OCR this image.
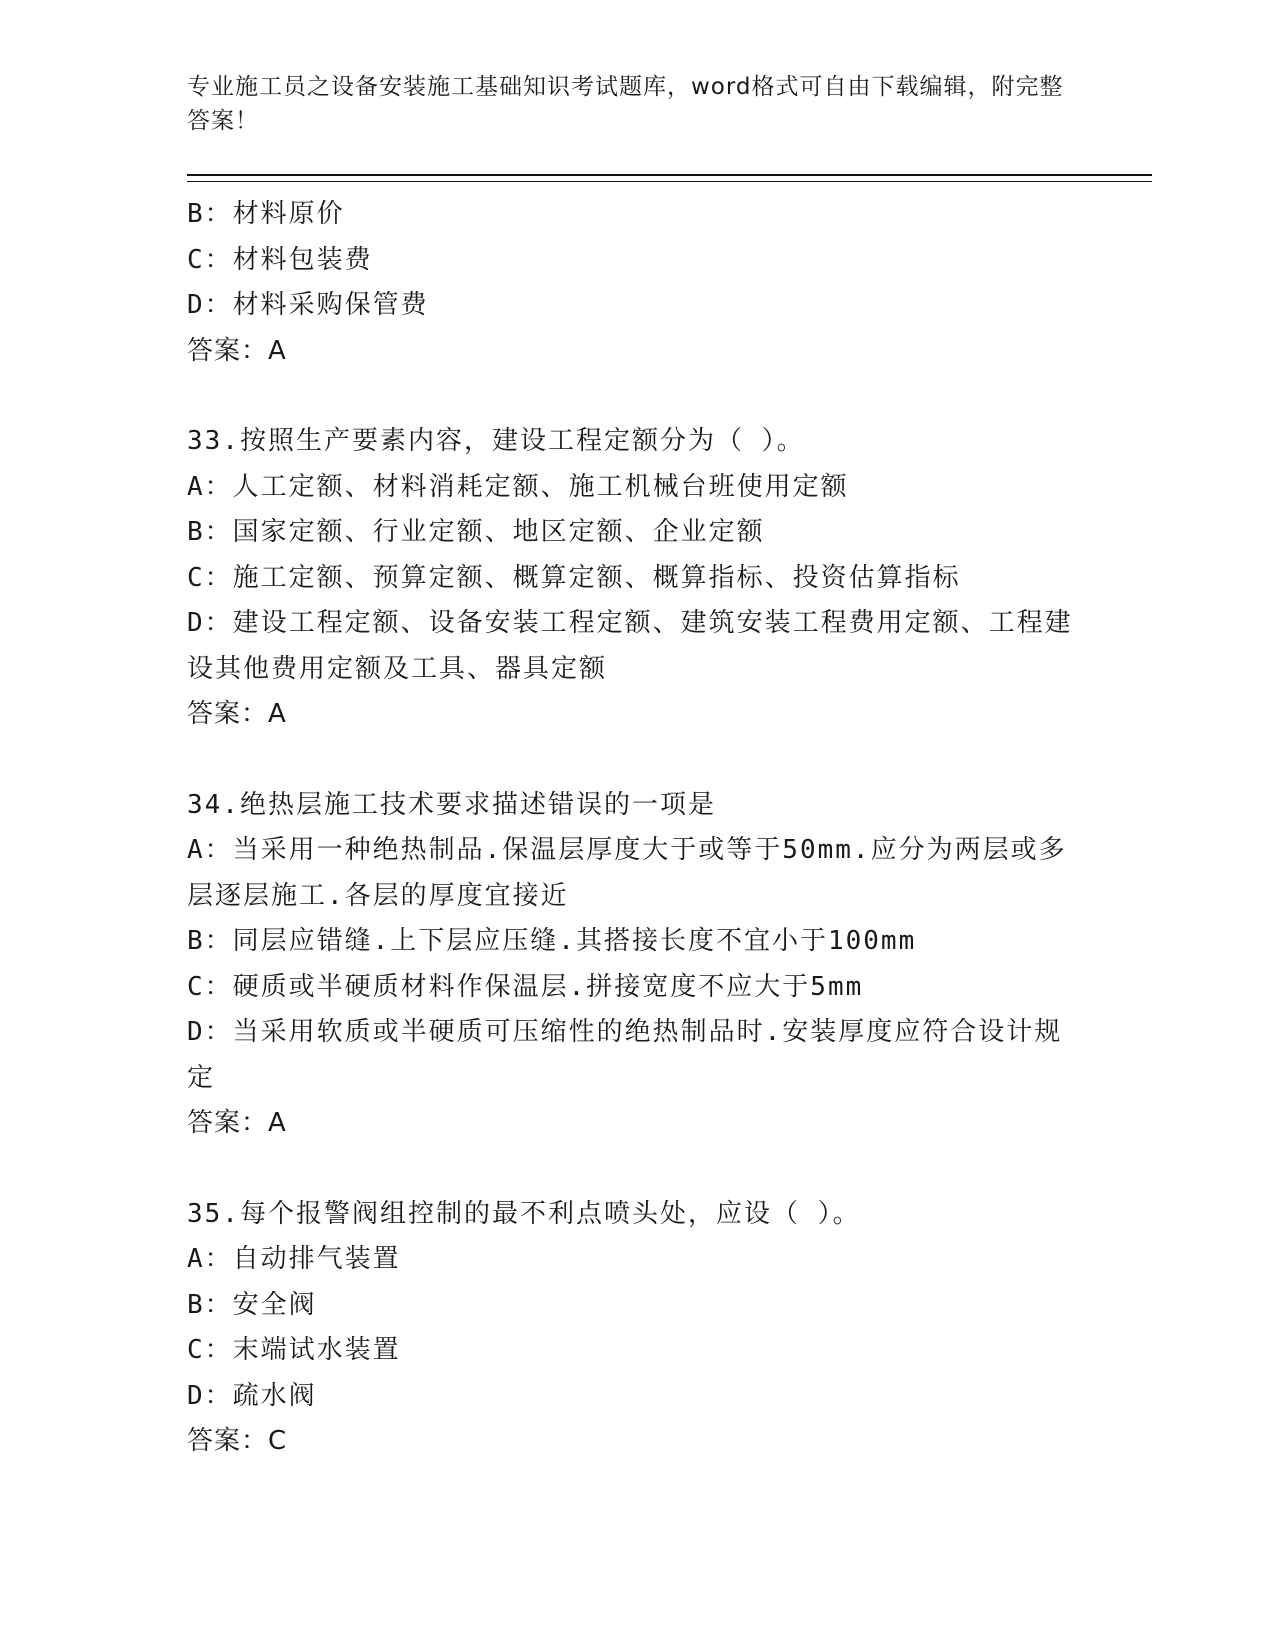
专业施工员之设备安装施工基础知识考试题库，word格式可自由下载编辑，附完整答案！
B：材料原价
C：材料包装费
D：材料采购保管费
答案：A
33.按照生产要素内容，建设工程定额分为（ ）。
A：人工定额、材料消耗定额、施工机械台班使用定额
B：国家定额、行业定额、地区定额、企业定额
C：施工定额、预算定额、概算定额、概算指标、投资估算指标
D：建设工程定额、设备安装工程定额、建筑安装工程费用定额、工程建设其他费用定额及工具、器具定额
答案：A
34.绝热层施工技术要求描述错误的一项是
A：当采用一种绝热制品.保温层厚度大于或等于50mm.应分为两层或多层逐层施工.各层的厚度宜接近
B：同层应错缝.上下层应压缝.其搭接长度不宜小于100mm
C：硬质或半硬质材料作保温层.拼接宽度不应大于5mm
D：当采用软质或半硬质可压缩性的绝热制品时.安装厚度应符合设计规定
答案：A
35.每个报警阀组控制的最不利点喷头处，应设（ ）。
A：自动排气装置
B：安全阀
C：末端试水装置
D：疏水阀
答案：C
